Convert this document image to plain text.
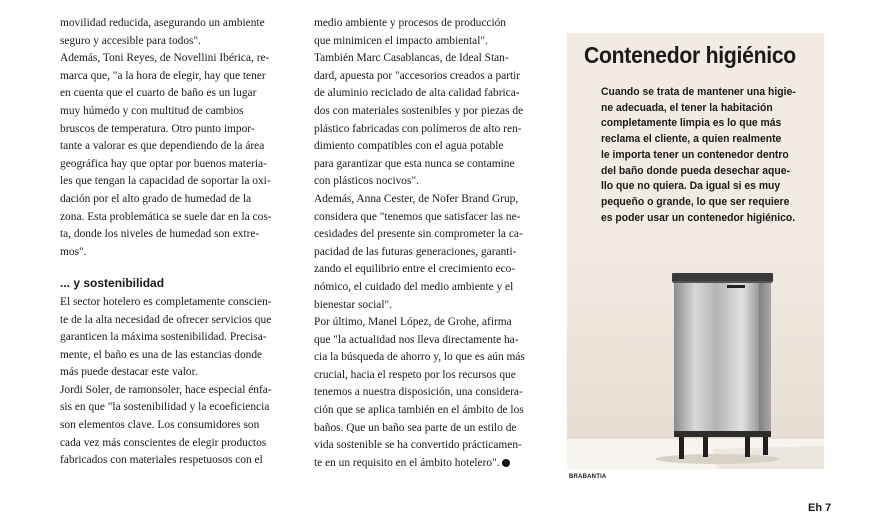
movilidad reducida, asegurando un ambiente

seguro y accesible para todos".

Además, Toni Reyes, de Novellini Ibérica, re-

marca que, "a la hora de elegir, hay que tener

en cuenta que el cuarto de baño es un lugar

muy húmedo y con multitud de cambios

bruscos de temperatura. Otro punto impor-

tante a valorar es que dependiendo de la área

geográfica hay que optar por buenos materia-

les que tengan la capacidad de soportar la oxi-

dación por el alto grado de humedad de la

zona. Esta problemática se suele dar en la cos-

ta, donde los niveles de humedad son extre-

mos".

... y sostenibilidad

El sector hotelero es completamente conscien-

te de la alta necesidad de ofrecer servicios que

garanticen la máxima sostenibilidad. Precisa-

mente, el baño es una de las estancias donde

más puede destacar este valor.

Jordi Soler, de ramonsoler, hace especial énfa-

sis en que "la sostenibilidad y la ecoeficiencia

son elementos clave. Los consumidores son

cada vez más conscientes de elegir productos

fabricados con materiales respetuosos con el

medio ambiente y procesos de producción

que minimicen el impacto ambiental".

También Marc Casablancas, de Ideal Stan-

dard, apuesta por "accesorios creados a partir

de aluminio reciclado de alta calidad fabrica-

dos con materiales sostenibles y por piezas de

plástico fabricadas con polímeros de alto ren-

dimiento compatibles con el agua potable

para garantizar que esta nunca se contamine

con plásticos nocivos".

Además, Anna Cester, de Nofer Brand Grup,

considera que "tenemos que satisfacer las ne-

cesidades del presente sin comprometer la ca-

pacidad de las futuras generaciones, garanti-

zando el equilibrio entre el crecimiento eco-

nómico, el cuidado del medio ambiente y el

bienestar social".

Por último, Manel López, de Grohe, afirma

que "la actualidad nos lleva directamente ha-

cia la búsqueda de ahorro y, lo que es aún más

crucial, hacia el respeto por los recursos que

tenemos a nuestra disposición, una considera-

ción que se aplica también en el ámbito de los

baños. Que un baño sea parte de un estilo de

vida sostenible se ha convertido prácticamen-

te en un requisito en el ámbito hotelero".

Contenedor higiénico

Cuando se trata de mantener una higie-

ne adecuada, el tener la habitación

completamente limpia es lo que más

reclama el cliente, a quien realmente

le importa tener un contenedor dentro

del baño donde pueda desechar aque-

llo que no quiera. Da igual si es muy

pequeño o grande, lo que ser requiere

es poder usar un contenedor higiénico.

BRABANTIA
Eh 7
